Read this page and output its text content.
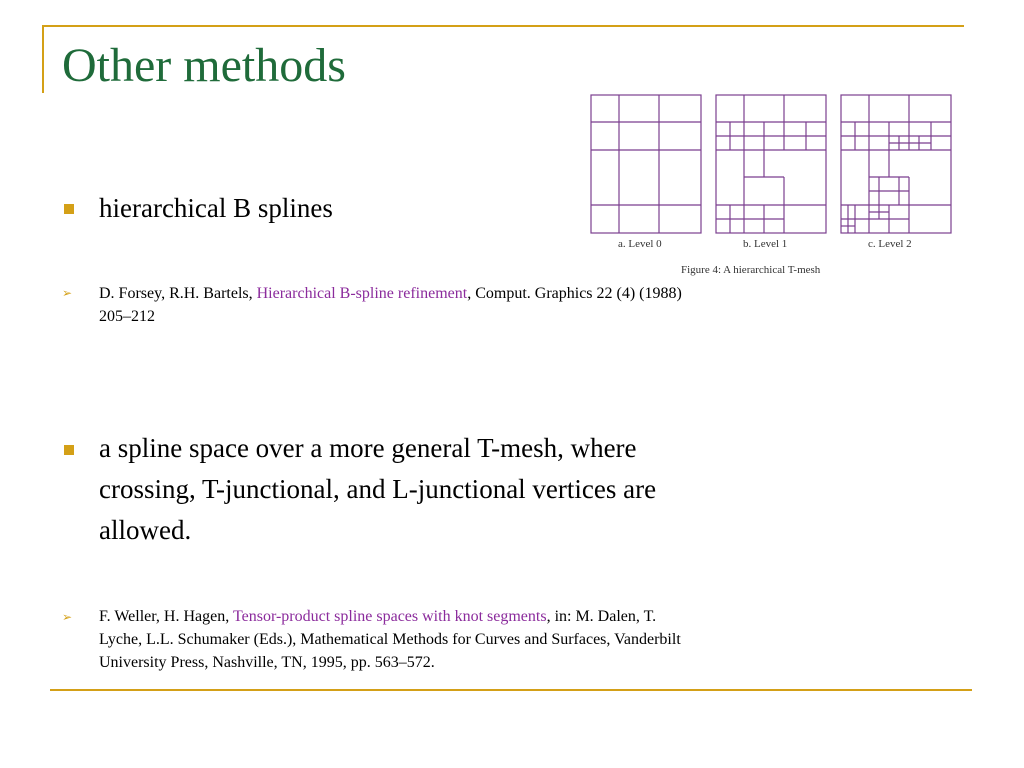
Other methods
hierarchical B splines
➢ D. Forsey, R.H. Bartels, Hierarchical B-spline refinement, Comput. Graphics 22 (4) (1988)
205–212
a spline space over a more general T-mesh, where
crossing, T-junctional, and L-junctional vertices are
allowed.
➢ F. Weller, H. Hagen, Tensor-product spline spaces with knot segments, in: M. Dalen, T.
Lyche, L.L. Schumaker (Eds.), Mathematical Methods for Curves and Surfaces, Vanderbilt
University Press, Nashville, TN, 1995, pp. 563–572.
a. Level 0	b. Level 1	c. Level 2
Figure 4: A hierarchical T-mesh
